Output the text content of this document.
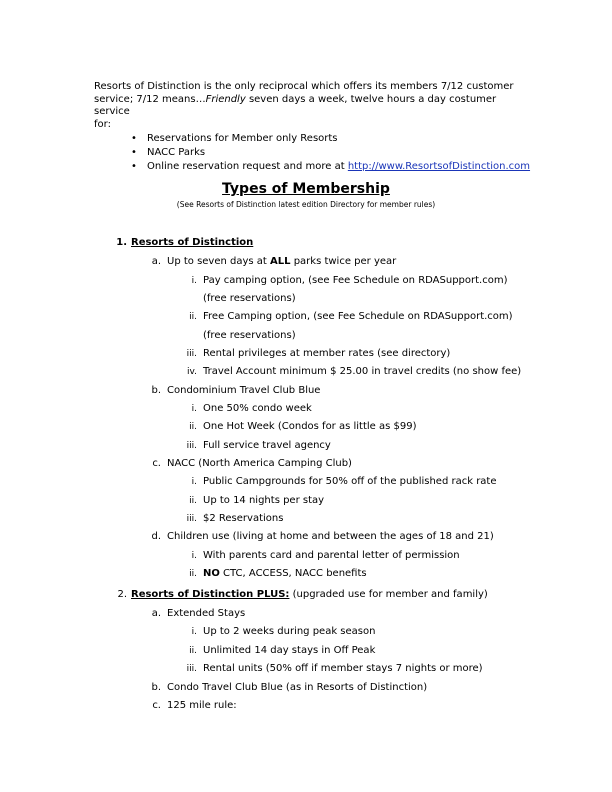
Resorts of Distinction is the only reciprocal which offers its members 7/12 customer

service; 7/12 means…Friendly seven days a week, twelve hours a day costumer service

for:

• Reservations for Member only Resorts
• NACC Parks
• Online reservation request and more at http://www.ResortsofDistinction.com
Types of Membership
(See Resorts of Distinction latest edition Directory for member rules)
1. Resorts of Distinction
a. Up to seven days at ALL parks twice per year
i. Pay camping option, (see Fee Schedule on RDASupport.com)
(free reservations)
ii. Free Camping option, (see Fee Schedule on RDASupport.com)
(free reservations)
iii. Rental privileges at member rates (see directory)
iv. Travel Account minimum $ 25.00 in travel credits (no show fee)
b. Condominium Travel Club Blue
i. One 50% condo week
ii. One Hot Week (Condos for as little as $99)
iii. Full service travel agency
c. NACC (North America Camping Club)
i. Public Campgrounds for 50% off of the published rack rate
ii. Up to 14 nights per stay
iii. $2 Reservations
d. Children use (living at home and between the ages of 18 and 21)
i. With parents card and parental letter of permission
ii. NO CTC, ACCESS, NACC benefits
2. Resorts of Distinction PLUS: (upgraded use for member and family)
a. Extended Stays
i. Up to 2 weeks during peak season
ii. Unlimited 14 day stays in Off Peak
iii. Rental units (50% off if member stays 7 nights or more)
b. Condo Travel Club Blue (as in Resorts of Distinction)
c. 125 mile rule:
